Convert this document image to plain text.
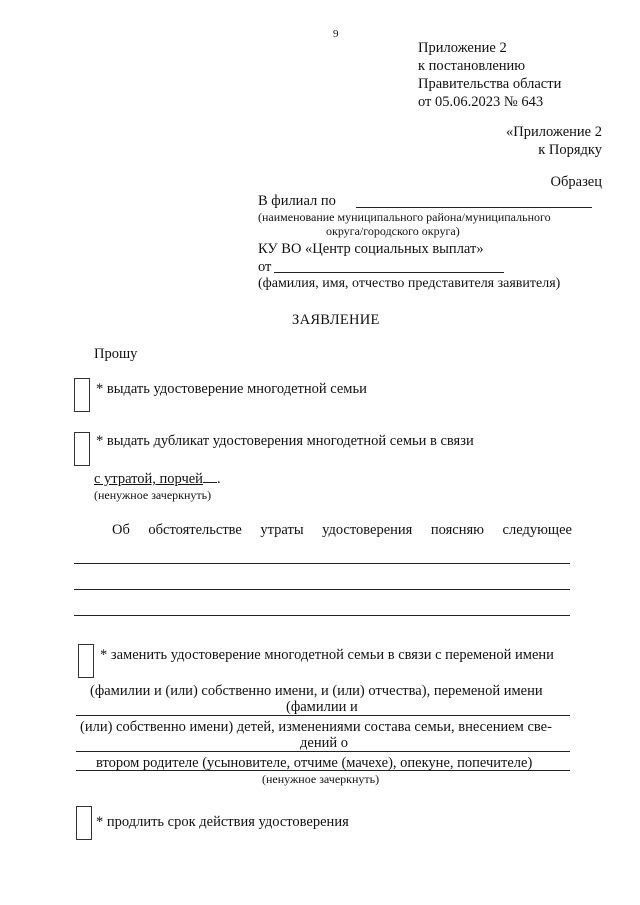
9
Приложение 2
к постановлению
Правительства области
от 05.06.2023 № 643
«Приложение 2
к Порядку
Образец
В филиал по
(наименование муниципального района/муниципального
округа/городского округа)
КУ ВО «Центр социальных выплат»
от
(фамилия, имя, отчество представителя заявителя)
ЗАЯВЛЕНИЕ
Прошу
* выдать удостоверение многодетной семьи
* выдать дубликат удостоверения многодетной семьи в связи
с утратой, порчей .
(ненужное зачеркнуть)
Об обстоятельстве утраты удостоверения поясняю следующее
* заменить удостоверение многодетной семьи в связи с переменой имени
(фамилии и (или) собственно имени, и (или) отчества), переменой имени
(фамилии и
(или) собственно имени) детей, изменениями состава семьи, внесением све-
дений о
втором родителе (усыновителе, отчиме (мачехе), опекуне, попечителе)
(ненужное зачеркнуть)
* продлить срок действия удостоверения
